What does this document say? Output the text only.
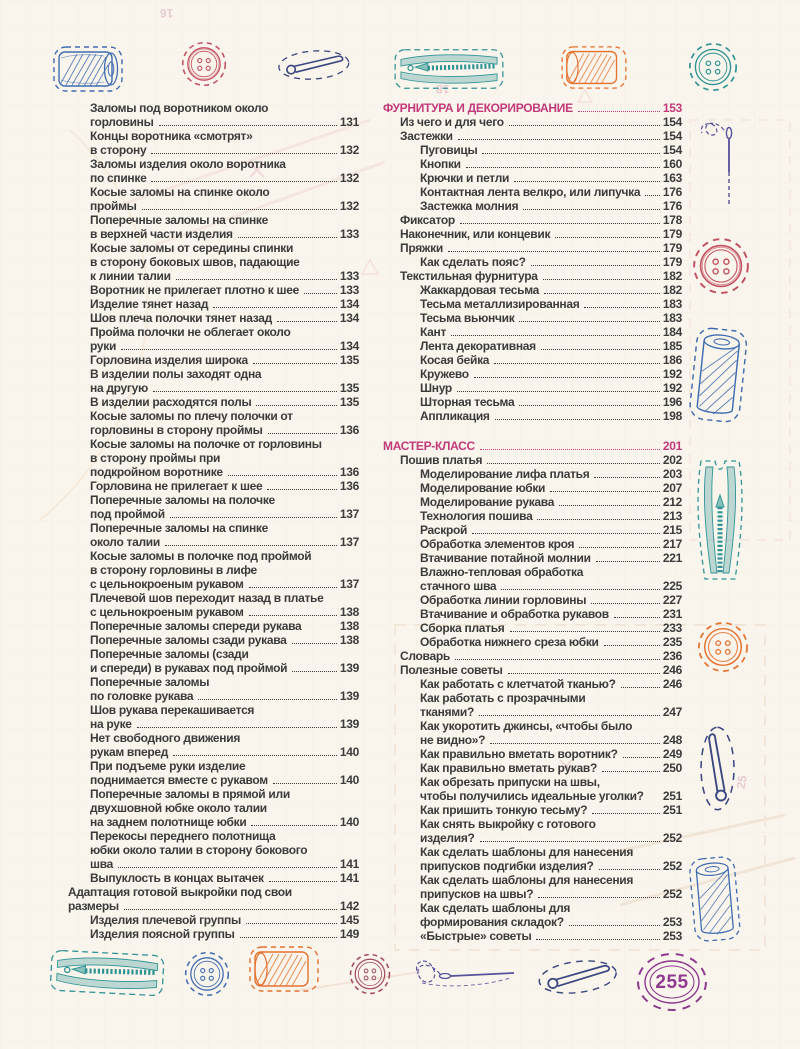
16
18
25
255
Заломы под воротником около
горловины	131
Концы воротника «смотрят»
в сторону	132
Заломы изделия около воротника
по спинке	132
Косые заломы на спинке около
проймы	132
Поперечные заломы на спинке
в верхней части изделия	133
Косые заломы от середины спинки
в сторону боковых швов, падающие
к линии талии	133
Воротник не прилегает плотно к шее	133
Изделие тянет назад	134
Шов плеча полочки тянет назад	134
Пройма полочки не облегает около
руки	134
Горловина изделия широка	135
В изделии полы заходят одна
на другую	135
В изделии расходятся полы	135
Косые заломы по плечу полочки от
горловины в сторону проймы	136
Косые заломы на полочке от горловины
в сторону проймы при
подкройном воротнике	136
Горловина не прилегает к шее	136
Поперечные заломы на полочке
под проймой	137
Поперечные заломы на спинке
около талии	137
Косые заломы в полочке под проймой
в сторону горловины в лифе
с цельнокроеным рукавом	137
Плечевой шов переходит назад в платье
с цельнокроеным рукавом	138
Поперечные заломы спереди рукава	138
Поперечные заломы сзади рукава	138
Поперечные заломы (сзади
и спереди) в рукавах под проймой	139
Поперечные заломы
по головке рукава	139
Шов рукава перекашивается
на руке	139
Нет свободного движения
рукам вперед	140
При подъеме руки изделие
поднимается вместе с рукавом	140
Поперечные заломы в прямой или
двухшовной юбке около талии
на заднем полотнище юбки	140
Перекосы переднего полотнища
юбки около талии в сторону бокового
шва	141
Выпуклость в концах вытачек	141
Адаптация готовой выкройки под свои
размеры	142
Изделия плечевой группы	145
Изделия поясной группы	149
ФУРНИТУРА И ДЕКОРИРОВАНИЕ	153
Из чего и для чего	154
Застежки	154
Пуговицы	154
Кнопки	160
Крючки и петли	163
Контактная лента велкро, или липучка 176
Застежка молния	176
Фиксатор	178
Наконечник, или концевик	179
Пряжки	179
Как сделать пояс?	179
Текстильная фурнитура	182
Жаккардовая тесьма	182
Тесьма металлизированная	183
Тесьма вьюнчик	183
Кант	184
Лента декоративная	185
Косая бейка	186
Кружево	192
Шнур	192
Шторная тесьма	196
Аппликация	198
МАСТЕР-КЛАСС	201
Пошив платья	202
Моделирование лифа платья	203
Моделирование юбки	207
Моделирование рукава	212
Технология пошива	213
Раскрой	215
Обработка элементов кроя	217
Втачивание потайной молнии	221
Влажно-тепловая обработка
стачного шва	225
Обработка линии горловины	227
Втачивание и обработка рукавов	231
Сборка платья	233
Обработка нижнего среза юбки	235
Словарь	236
Полезные советы	246
Как работать с клетчатой тканью?	246
Как работать с прозрачными
тканями?	247
Как укоротить джинсы, «чтобы было
не видно»?	248
Как правильно вметать воротник?	249
Как правильно вметать рукав?	250
Как обрезать припуски на швы,
чтобы получились идеальные уголки? 251
Как пришить тонкую тесьму?	251
Как снять выкройку с готового
изделия?	252
Как сделать шаблоны для нанесения
припусков подгибки изделия?	252
Как сделать шаблоны для нанесения
припусков на швы?	252
Как сделать шаблоны для
формирования складок?	253
«Быстрые» советы	253
